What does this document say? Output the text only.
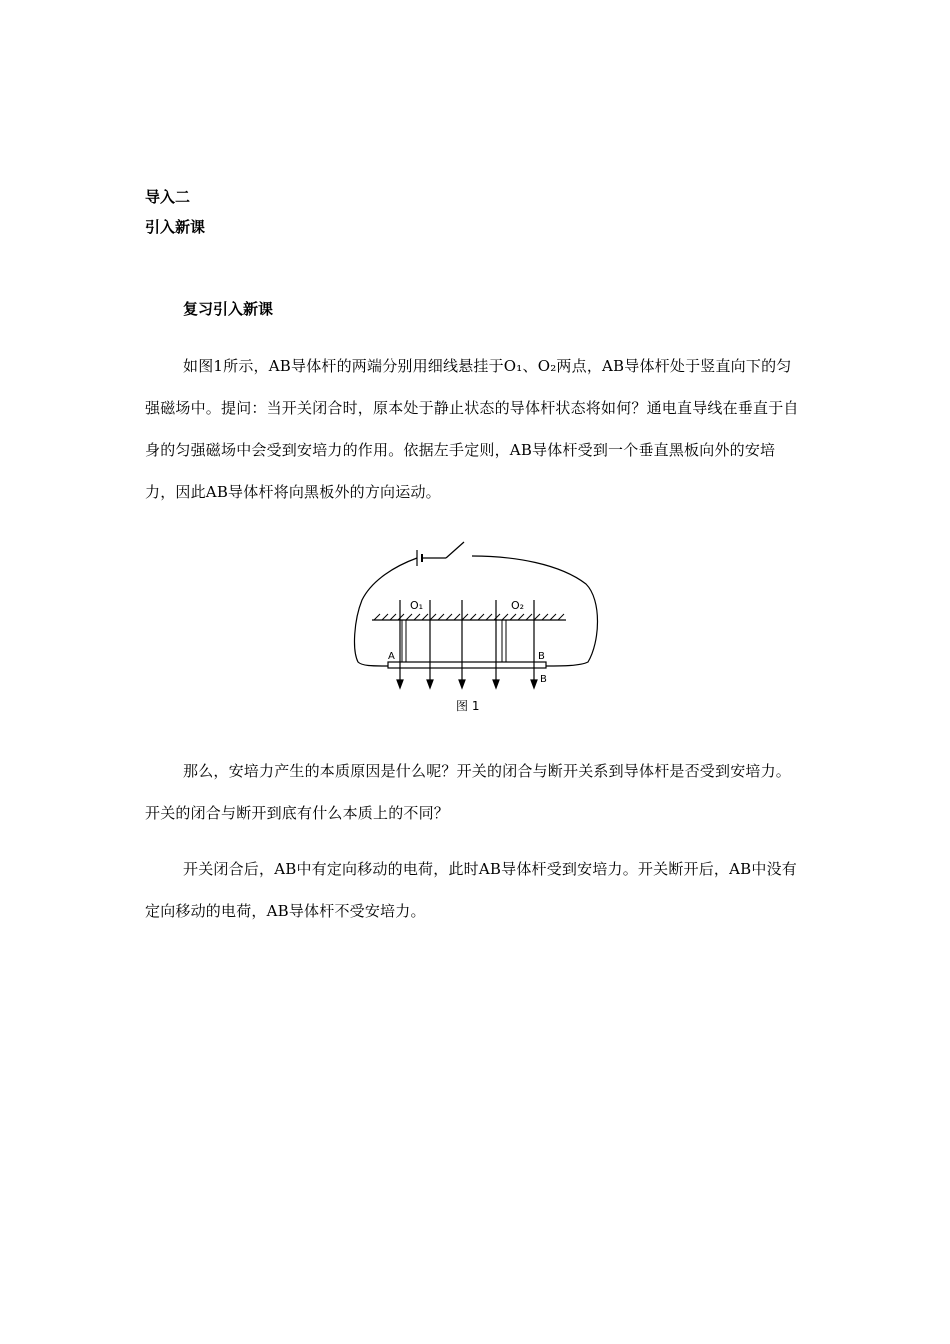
导入二
引入新课
复习引入新课

如图1所示，AB导体杆的两端分别用细线悬挂于O₁、O₂两点，AB导体杆处于竖直向下的匀强磁场中。提问：当开关闭合时，原本处于静止状态的导体杆状态将如何？通电直导线在垂直于自身的匀强磁场中会受到安培力的作用。依据左手定则，AB导体杆受到一个垂直黑板向外的安培力，因此AB导体杆将向黑板外的方向运动。

O₁	O₂
A	B
B
图 1

那么，安培力产生的本质原因是什么呢？开关的闭合与断开关系到导体杆是否受到安培力。开关的闭合与断开到底有什么本质上的不同？

开关闭合后，AB中有定向移动的电荷，此时AB导体杆受到安培力。开关断开后，AB中没有定向移动的电荷，AB导体杆不受安培力。
